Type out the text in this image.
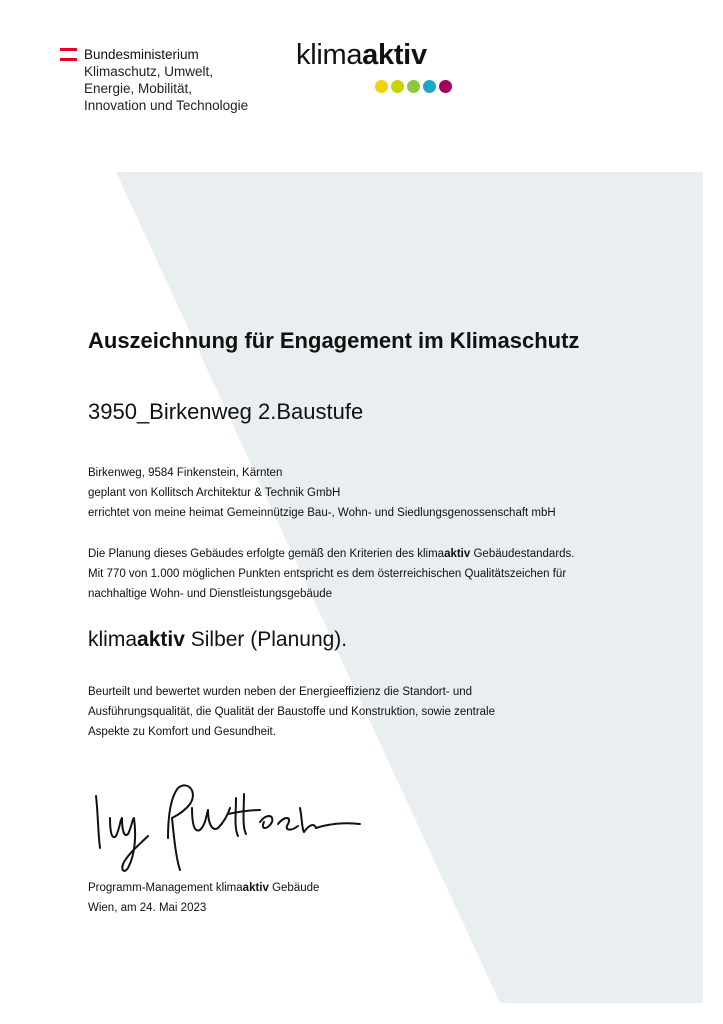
Bundesministerium
Klimaschutz, Umwelt,
Energie, Mobilität,
Innovation und Technologie
klimaaktiv
Auszeichnung für Engagement im Klimaschutz
3950_Birkenweg 2.Baustufe
Birkenweg, 9584 Finkenstein, Kärnten
geplant von Kollitsch Architektur & Technik GmbH
errichtet von meine heimat Gemeinnützige Bau-, Wohn- und Siedlungsgenossenschaft mbH
Die Planung dieses Gebäudes erfolgte gemäß den Kriterien des klimaaktiv Gebäudestandards.
Mit 770 von 1.000 möglichen Punkten entspricht es dem österreichischen Qualitätszeichen für
nachhaltige Wohn- und Dienstleistungsgebäude

klimaaktiv Silber (Planung).

Beurteilt und bewertet wurden neben der Energieeffizienz die Standort- und
Ausführungsqualität, die Qualität der Baustoffe und Konstruktion, sowie zentrale
Aspekte zu Komfort und Gesundheit.
Programm-Management klimaaktiv Gebäude
Wien, am 24. Mai 2023
